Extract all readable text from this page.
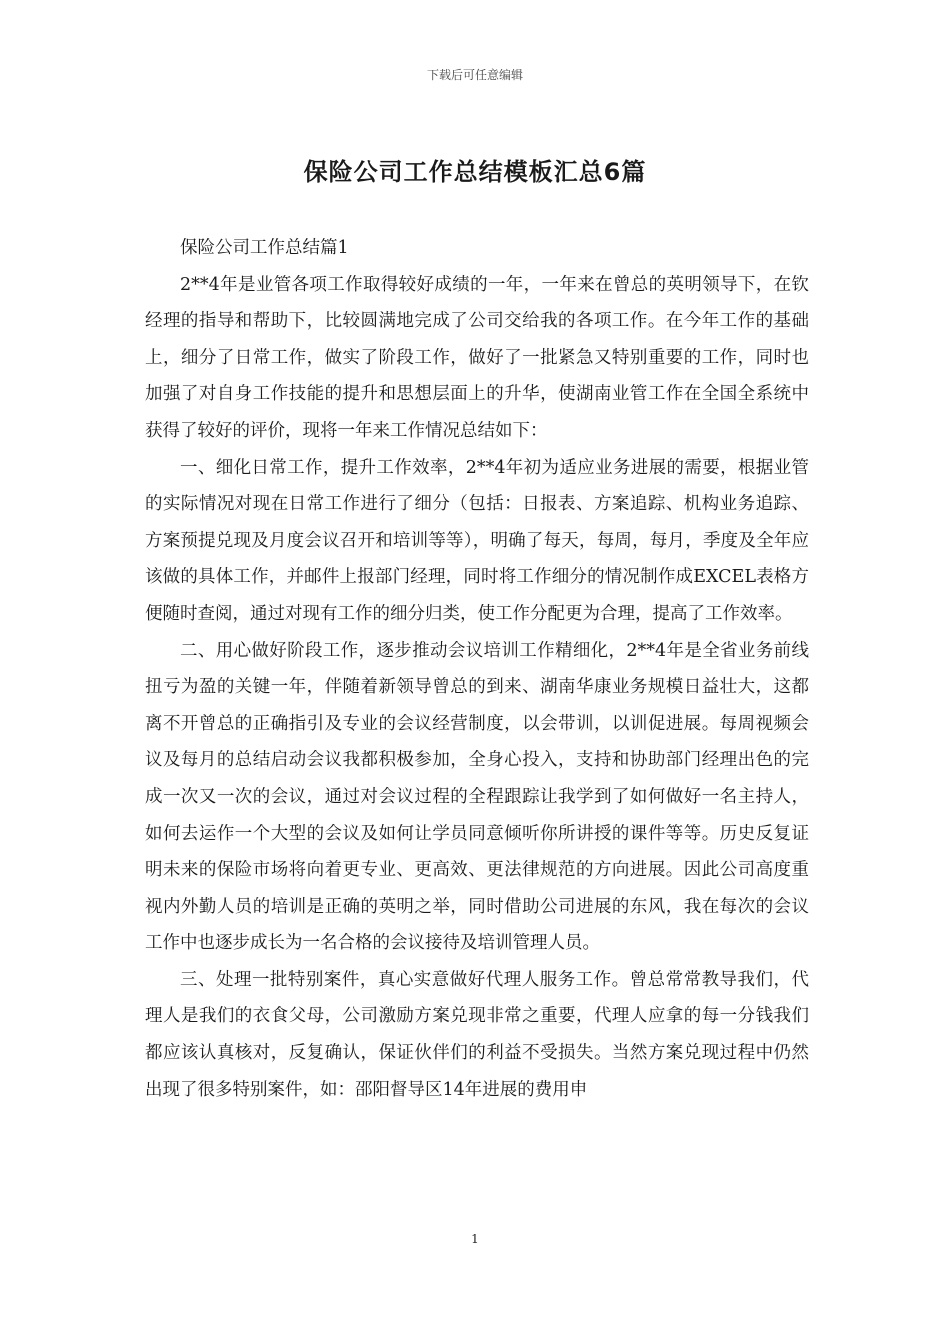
下载后可任意编辑
保险公司工作总结模板汇总6篇

保险公司工作总结篇1

2**4年是业管各项工作取得较好成绩的一年，一年来在曾总的英明领导下，在钦经理的指导和帮助下，比较圆满地完成了公司交给我的各项工作。在今年工作的基础上，细分了日常工作，做实了阶段工作，做好了一批紧急又特别重要的工作，同时也加强了对自身工作技能的提升和思想层面上的升华，使湖南业管工作在全国全系统中获得了较好的评价，现将一年来工作情况总结如下：

一、细化日常工作，提升工作效率，2**4年初为适应业务进展的需要，根据业管的实际情况对现在日常工作进行了细分（包括：日报表、方案追踪、机构业务追踪、方案预提兑现及月度会议召开和培训等等），明确了每天，每周，每月，季度及全年应该做的具体工作，并邮件上报部门经理，同时将工作细分的情况制作成EXCEL表格方便随时查阅，通过对现有工作的细分归类，使工作分配更为合理，提高了工作效率。

二、用心做好阶段工作，逐步推动会议培训工作精细化，2**4年是全省业务前线扭亏为盈的关键一年，伴随着新领导曾总的到来、湖南华康业务规模日益壮大，这都离不开曾总的正确指引及专业的会议经营制度，以会带训，以训促进展。每周视频会议及每月的总结启动会议我都积极参加，全身心投入，支持和协助部门经理出色的完成一次又一次的会议，通过对会议过程的全程跟踪让我学到了如何做好一名主持人，如何去运作一个大型的会议及如何让学员同意倾听你所讲授的课件等等。历史反复证明未来的保险市场将向着更专业、更高效、更法律规范的方向进展。因此公司高度重视内外勤人员的培训是正确的英明之举，同时借助公司进展的东风，我在每次的会议工作中也逐步成长为一名合格的会议接待及培训管理人员。

三、处理一批特别案件，真心实意做好代理人服务工作。曾总常常教导我们，代理人是我们的衣食父母，公司激励方案兑现非常之重要，代理人应拿的每一分钱我们都应该认真核对，反复确认，保证伙伴们的利益不受损失。当然方案兑现过程中仍然出现了很多特别案件，如：邵阳督导区14年进展的费用申

1
